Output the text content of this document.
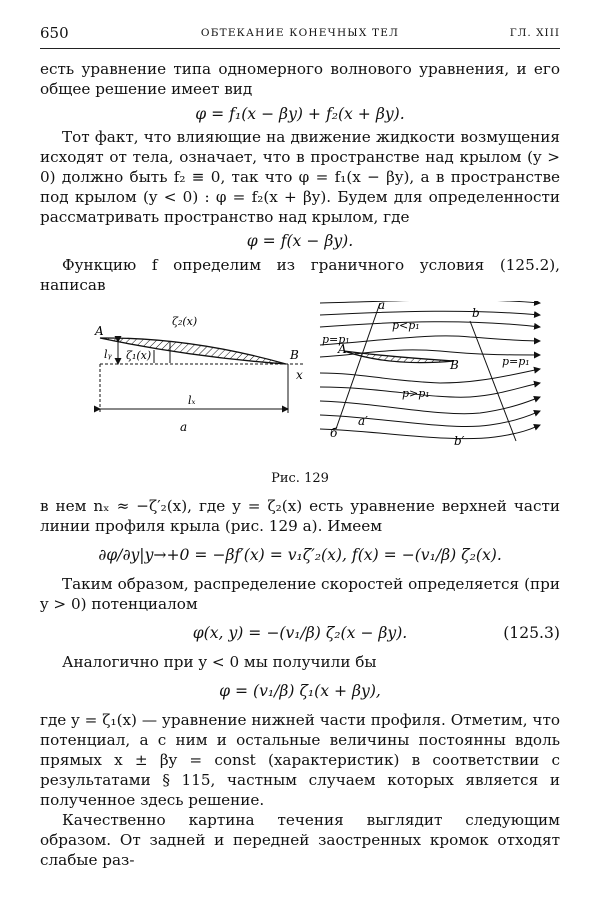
650	ОБТЕКАНИЕ КОНЕЧНЫХ ТЕЛ	ГЛ. XIII

есть уравнение типа одномерного волнового уравнения, и его общее решение имеет вид

φ = f₁(x − βy) + f₂(x + βy).

Тот факт, что влияющие на движение жидкости возмущения исходят от тела, означает, что в пространстве над крылом (y > 0) должно быть f₂ ≡ 0, так что φ = f₁(x − βy), а в пространстве под крылом (y < 0) : φ = f₂(x + βy). Будем для определенности рассматривать пространство над крылом, где

φ = f(x − βy).

Функцию f определим из граничного условия (125.2), написав

A
B
x
ζ₂(x)
ζ₁(x)
lᵧ
lₓ
а
a
b
a′
b′
A
B
p=p₁
p<p₁
p=p₁
p>p₁
б
Рис. 129

в нем nₓ ≈ −ζ′₂(x), где y = ζ₂(x) есть уравнение верхней части линии профиля крыла (рис. 129 а). Имеем

∂φ/∂y|y→+0 = −βf′(x) = v₁ζ′₂(x), f(x) = −(v₁/β) ζ₂(x).

Таким образом, распределение скоростей определяется (при y > 0) потенциалом

φ(x, y) = −(v₁/β) ζ₂(x − βy).	(125.3)

Аналогично при y < 0 мы получили бы

φ = (v₁/β) ζ₁(x + βy),

где y = ζ₁(x) — уравнение нижней части профиля. Отметим, что потенциал, а с ним и остальные величины постоянны вдоль прямых x ± βy = const (характеристик) в соответствии с результатами § 115, частным случаем которых является и полученное здесь решение.

Качественно картина течения выглядит следующим образом. От задней и передней заостренных кромок отходят слабые раз-
